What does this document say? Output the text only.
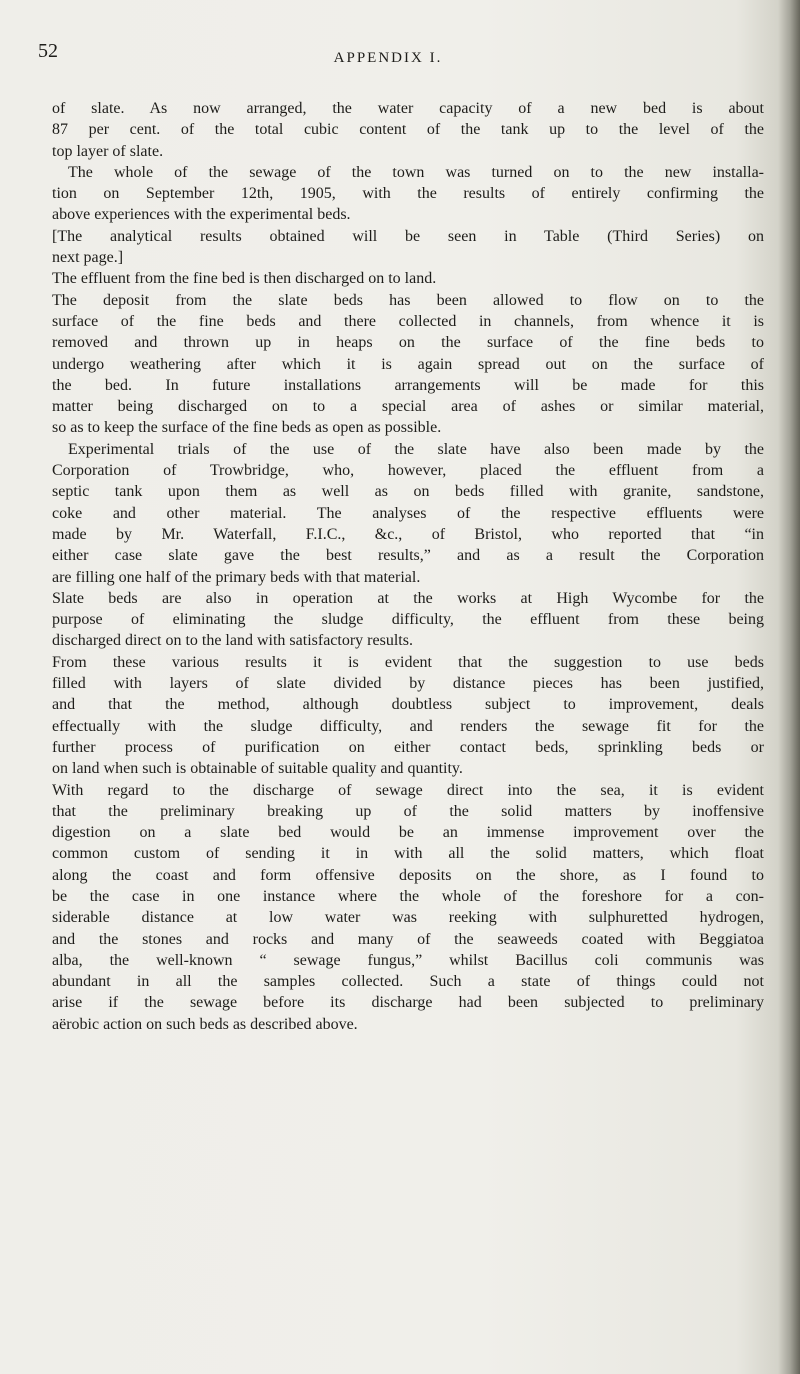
52	APPENDIX I.
of slate. As now arranged, the water capacity of a new bed is about
87 per cent. of the total cubic content of the tank up to the level of the
top layer of slate.
The whole of the sewage of the town was turned on to the new installa-
tion on September 12th, 1905, with the results of entirely confirming the
above experiences with the experimental beds.
[The analytical results obtained will be seen in Table (Third Series) on
next page.]
The effluent from the fine bed is then discharged on to land.
The deposit from the slate beds has been allowed to flow on to the
surface of the fine beds and there collected in channels, from whence it is
removed and thrown up in heaps on the surface of the fine beds to
undergo weathering after which it is again spread out on the surface of
the bed. In future installations arrangements will be made for this
matter being discharged on to a special area of ashes or similar material,
so as to keep the surface of the fine beds as open as possible.
Experimental trials of the use of the slate have also been made by the
Corporation of Trowbridge, who, however, placed the effluent from a
septic tank upon them as well as on beds filled with granite, sandstone,
coke and other material. The analyses of the respective effluents were
made by Mr. Waterfall, F.I.C., &c., of Bristol, who reported that “in
either case slate gave the best results,” and as a result the Corporation
are filling one half of the primary beds with that material.
Slate beds are also in operation at the works at High Wycombe for the
purpose of eliminating the sludge difficulty, the effluent from these being
discharged direct on to the land with satisfactory results.
From these various results it is evident that the suggestion to use beds
filled with layers of slate divided by distance pieces has been justified,
and that the method, although doubtless subject to improvement, deals
effectually with the sludge difficulty, and renders the sewage fit for the
further process of purification on either contact beds, sprinkling beds or
on land when such is obtainable of suitable quality and quantity.
With regard to the discharge of sewage direct into the sea, it is evident
that the preliminary breaking up of the solid matters by inoffensive
digestion on a slate bed would be an immense improvement over the
common custom of sending it in with all the solid matters, which float
along the coast and form offensive deposits on the shore, as I found to
be the case in one instance where the whole of the foreshore for a con-
siderable distance at low water was reeking with sulphuretted hydrogen,
and the stones and rocks and many of the seaweeds coated with Beggiatoa
alba, the well-known “ sewage fungus,” whilst Bacillus coli communis was
abundant in all the samples collected. Such a state of things could not
arise if the sewage before its discharge had been subjected to preliminary
aërobic action on such beds as described above.
